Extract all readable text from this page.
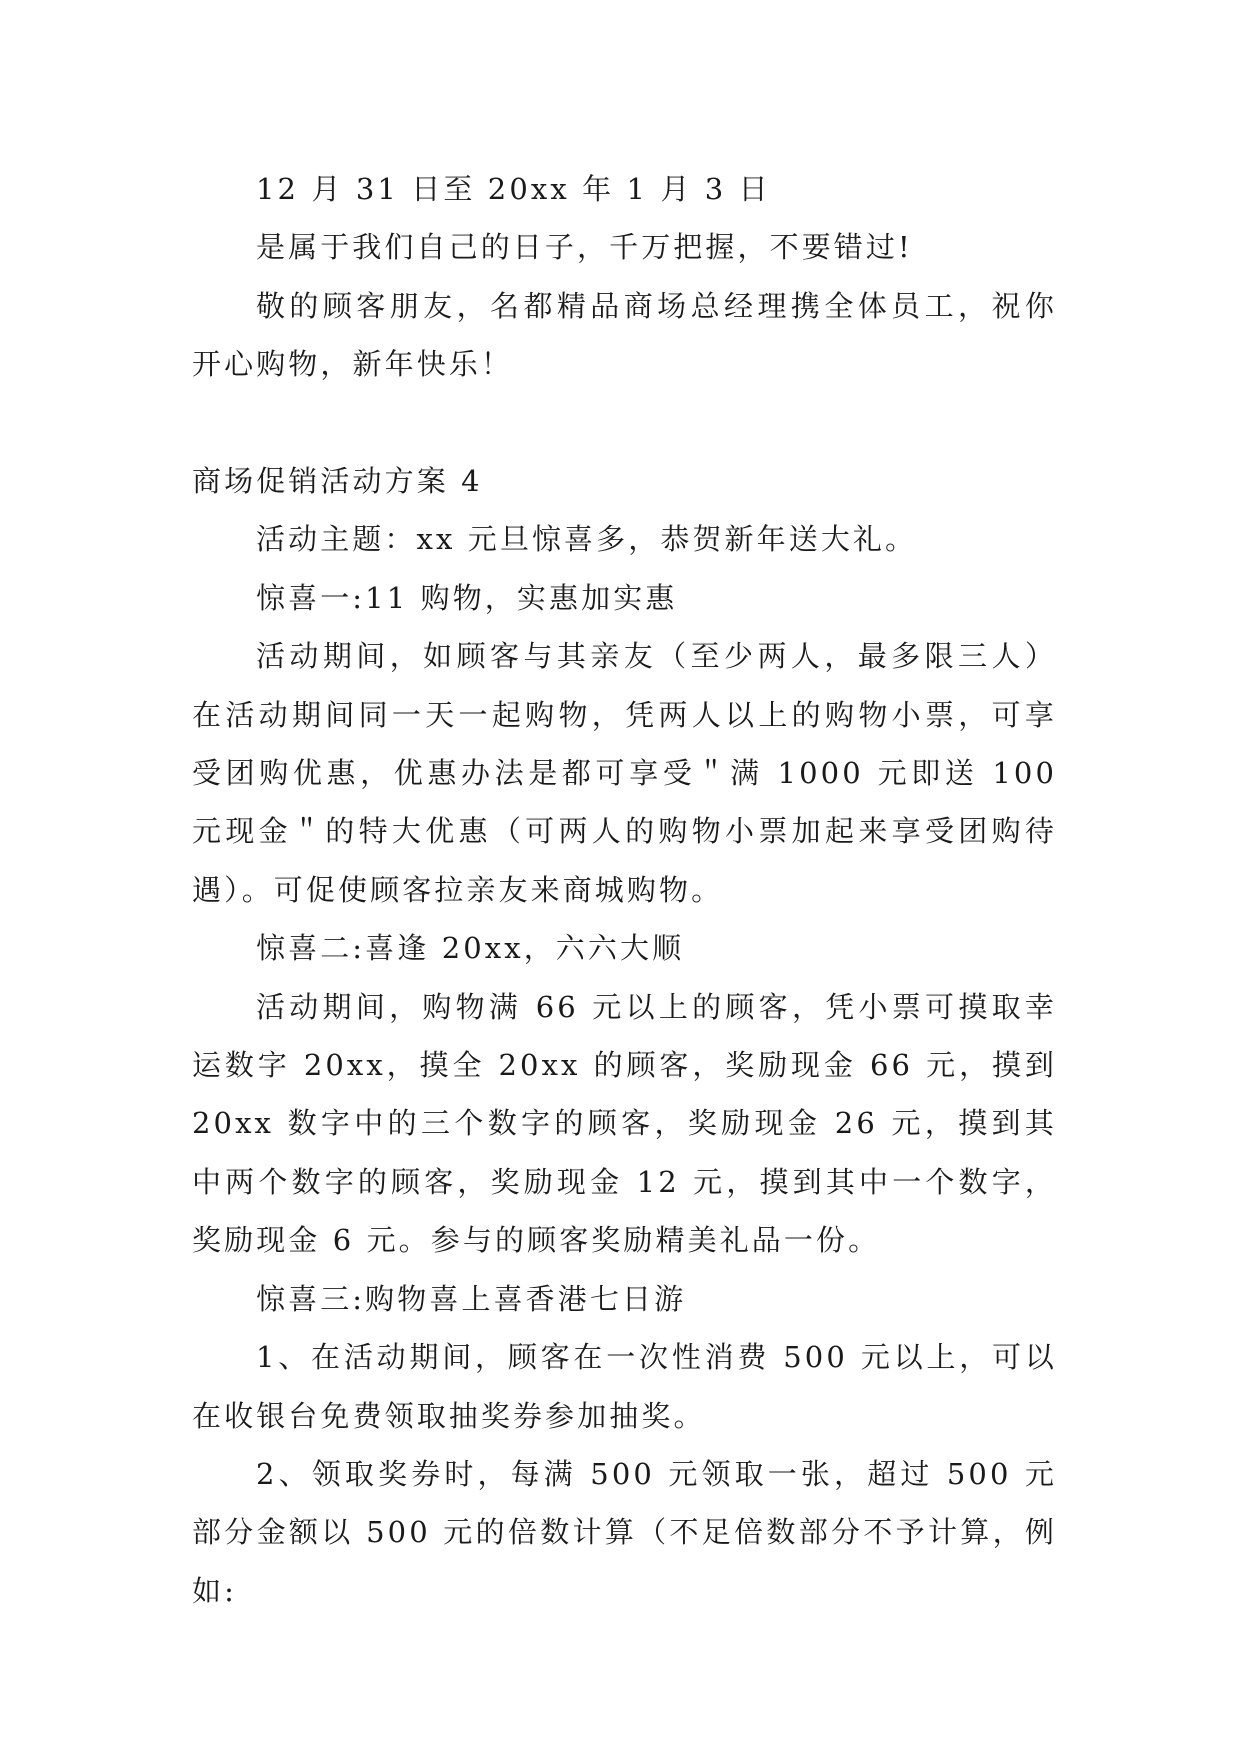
12 月 31 日至 20xx 年 1 月 3 日

是属于我们自己的日子，千万把握，不要错过!

敬的顾客朋友，名都精品商场总经理携全体员工，祝你开心购物，新年快乐！

商场促销活动方案 4

活动主题：xx 元旦惊喜多，恭贺新年送大礼。

惊喜一:11 购物，实惠加实惠

活动期间，如顾客与其亲友（至少两人，最多限三人）在活动期间同一天一起购物，凭两人以上的购物小票，可享受团购优惠，优惠办法是都可享受＂满 1000 元即送 100 元现金＂的特大优惠（可两人的购物小票加起来享受团购待遇）。可促使顾客拉亲友来商城购物。

惊喜二:喜逢 20xx，六六大顺

活动期间，购物满 66 元以上的顾客，凭小票可摸取幸运数字 20xx，摸全 20xx 的顾客，奖励现金 66 元，摸到 20xx 数字中的三个数字的顾客，奖励现金 26 元，摸到其中两个数字的顾客，奖励现金 12 元，摸到其中一个数字，奖励现金 6 元。参与的顾客奖励精美礼品一份。

惊喜三:购物喜上喜香港七日游

1、在活动期间，顾客在一次性消费 500 元以上，可以在收银台免费领取抽奖券参加抽奖。

2、领取奖券时，每满 500 元领取一张，超过 500 元部分金额以 500 元的倍数计算（不足倍数部分不予计算，例如:
